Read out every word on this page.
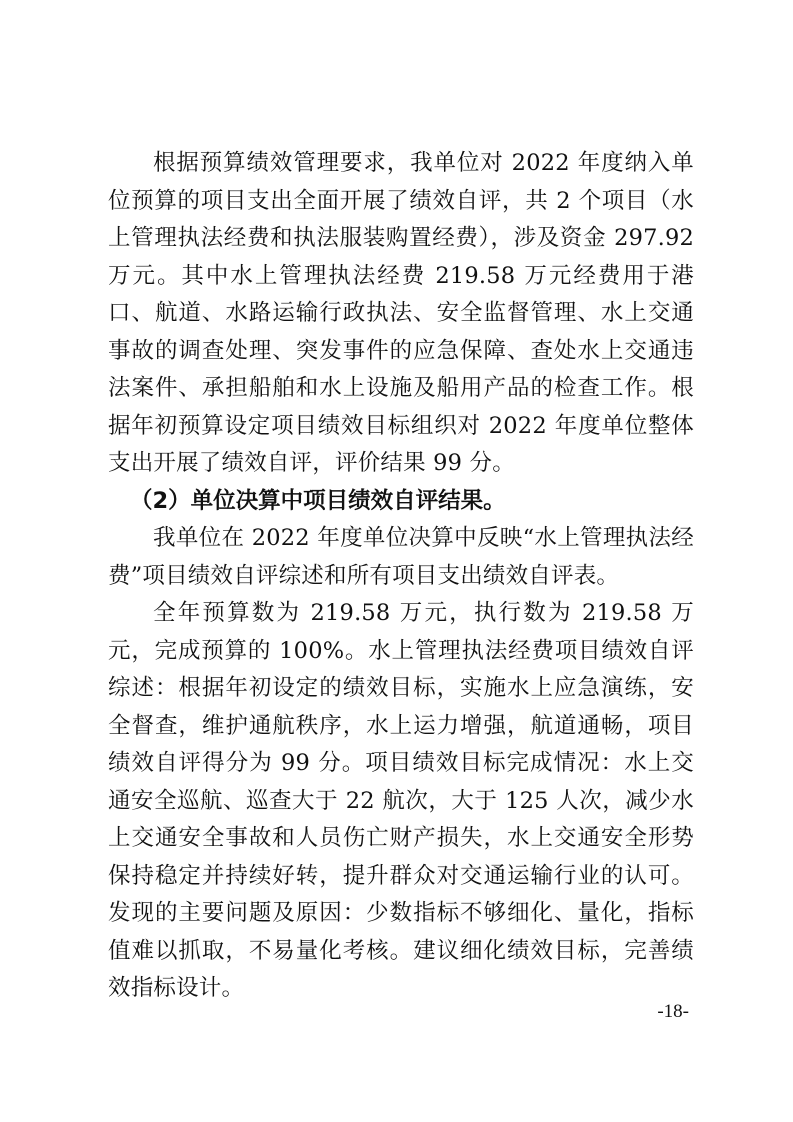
根据预算绩效管理要求，我单位对 2022 年度纳入单位预算的项目支出全面开展了绩效自评，共 2 个项目（水上管理执法经费和执法服装购置经费），涉及资金 297.92 万元。其中水上管理执法经费 219.58 万元经费用于港口、航道、水路运输行政执法、安全监督管理、水上交通事故的调查处理、突发事件的应急保障、查处水上交通违法案件、承担船舶和水上设施及船用产品的检查工作。根据年初预算设定项目绩效目标组织对 2022 年度单位整体支出开展了绩效自评，评价结果 99 分。

（2）单位决算中项目绩效自评结果。

我单位在 2022 年度单位决算中反映“水上管理执法经费”项目绩效自评综述和所有项目支出绩效自评表。

全年预算数为 219.58 万元，执行数为 219.58 万元，完成预算的 100%。水上管理执法经费项目绩效自评综述：根据年初设定的绩效目标，实施水上应急演练，安全督查，维护通航秩序，水上运力增强，航道通畅，项目绩效自评得分为 99 分。项目绩效目标完成情况：水上交通安全巡航、巡查大于 22 航次，大于 125 人次，减少水上交通安全事故和人员伤亡财产损失，水上交通安全形势保持稳定并持续好转，提升群众对交通运输行业的认可。发现的主要问题及原因：少数指标不够细化、量化，指标值难以抓取，不易量化考核。建议细化绩效目标，完善绩效指标设计。

-18-
